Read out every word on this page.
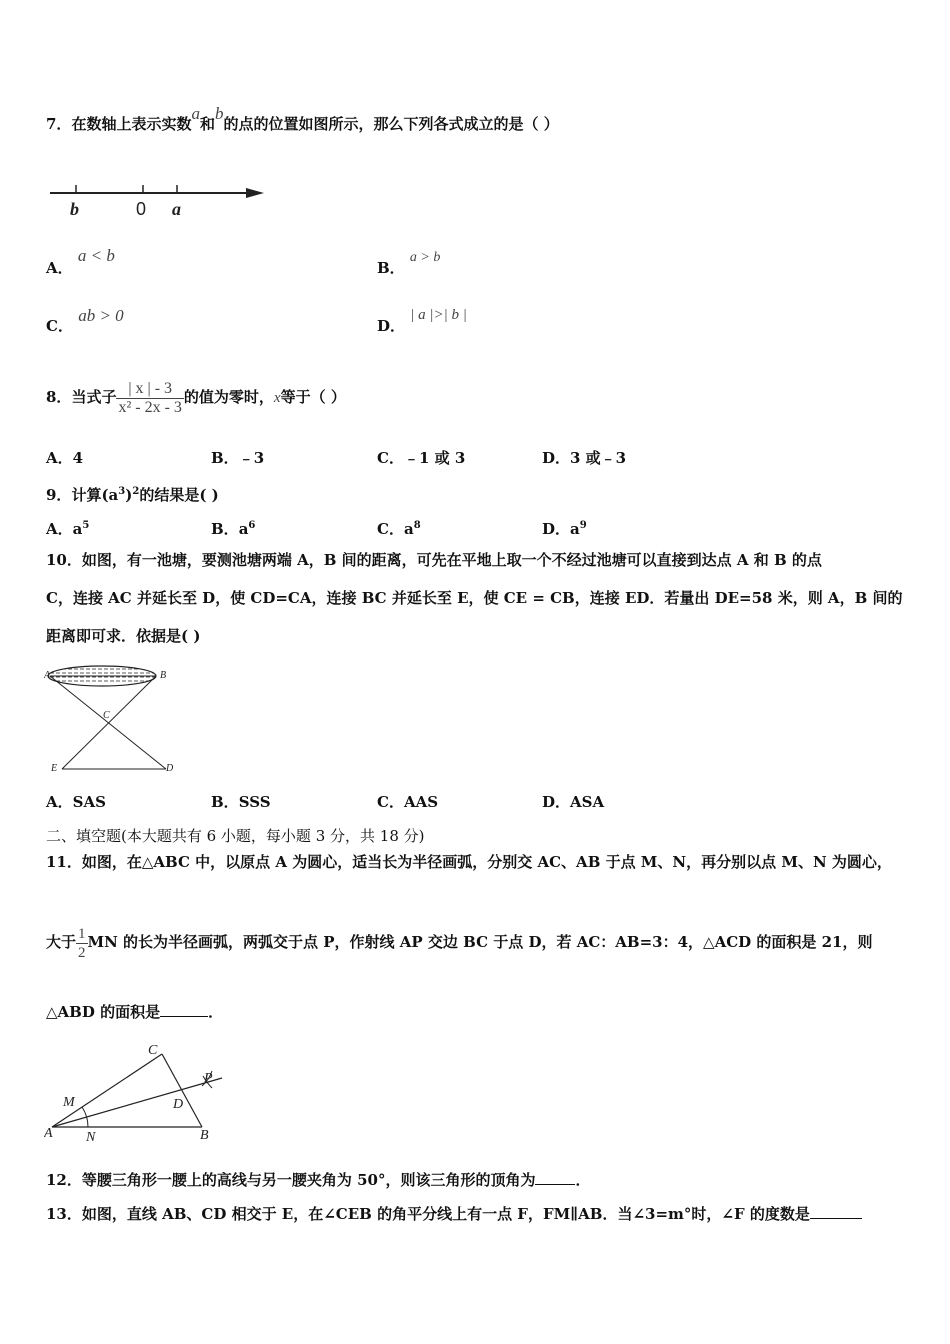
7．在数轴上表示实数a和b的点的位置如图所示，那么下列各式成立的是（ ）
b	0 a
A． a < b
B． a > b
C． ab > 0
D． | a |>| b |
8．当式子 $\frac{| x | - 3}{\text{x² - 2x - 3}}$ 的值为零时，x等于（ ）
A．4	B．﹣3	C．﹣1 或 3	D．3 或﹣3
9．计算$(a^3)^2$的结果是( )
A．$a^5$	B．$a^6$	C．$a^8$	D．$a^9$
10．如图，有一池塘，要测池塘两端 A，B 间的距离，可先在平地上取一个不经过池塘可以直接到达点 A 和 B 的点
C，连接 AC 并延长至 D，使 CD=CA，连接 BC 并延长至 E，使 CE = CB，连接 ED．若量出 DE=58 米，则 A，B 间的
距离即可求．依据是( )
A	B
C
D
E
A．SAS	B．SSS	C．AAS	D．ASA
二、填空题(本大题共有 6 小题，每小题 3 分，共 18 分)
11．如图，在△ABC 中，以原点 A 为圆心，适当长为半径画弧，分别交 AC、AB 于点 M、N，再分别以点 M、N 为圆心，
大于 $\frac{1}{2}$ MN 的长为半径画弧，两弧交于点 P，作射线 AP 交边 BC 于点 D，若 AC：AB=3：4，△ACD 的面积是 21，则
△ABD 的面积是	．
A	B
C
D
M
N
P
12．等腰三角形一腰上的高线与另一腰夹角为 50°，则该三角形的顶角为	．
13．如图，直线 AB、CD 相交于 E，在∠CEB 的角平分线上有一点 F，FM∥AB．当∠3=m°时，∠F 的度数是
